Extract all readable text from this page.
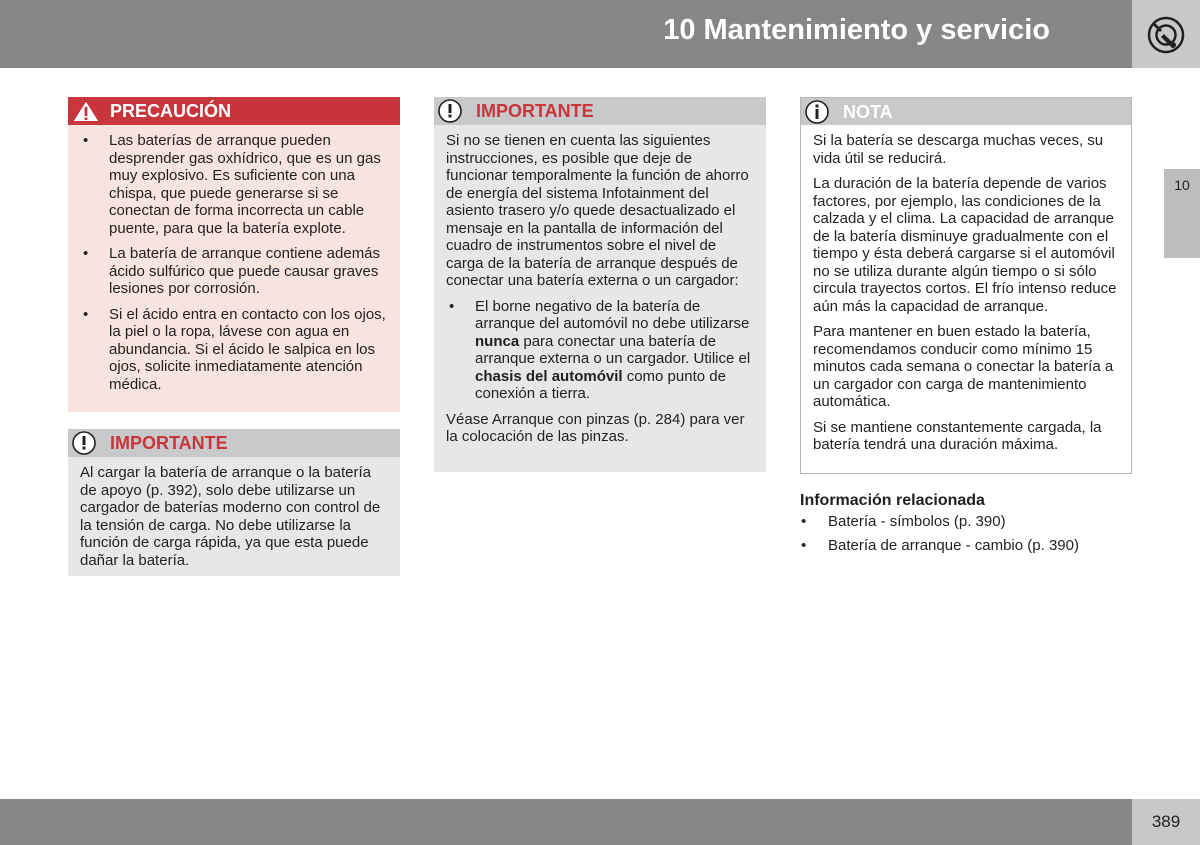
10 Mantenimiento y servicio
10
PRECAUCIÓN
• Las baterías de arranque pueden desprender gas oxhídrico, que es un gas muy explosivo. Es suficiente con una chispa, que puede generarse si se conectan de forma incorrecta un cable puente, para que la batería explote.
• La batería de arranque contiene además ácido sulfúrico que puede causar graves lesiones por corrosión.
• Si el ácido entra en contacto con los ojos, la piel o la ropa, lávese con agua en abundancia. Si el ácido le salpica en los ojos, solicite inmediatamente atención médica.
IMPORTANTE

Al cargar la batería de arranque o la batería de apoyo (p. 392), solo debe utilizarse un cargador de baterías moderno con control de la tensión de carga. No debe utilizarse la función de carga rápida, ya que esta puede dañar la batería.

IMPORTANTE

Si no se tienen en cuenta las siguientes instrucciones, es posible que deje de funcionar temporalmente la función de ahorro de energía del sistema Infotainment del asiento trasero y/o quede desactualizado el mensaje en la pantalla de información del cuadro de instrumentos sobre el nivel de carga de la batería de arranque después de conectar una batería externa o un cargador:

• El borne negativo de la batería de arranque del automóvil no debe utilizarse nunca para conectar una batería de arranque externa o un cargador. Utilice el chasis del automóvil como punto de conexión a tierra.

Véase Arranque con pinzas (p. 284) para ver la colocación de las pinzas.

NOTA

Si la batería se descarga muchas veces, su vida útil se reducirá.

La duración de la batería depende de varios factores, por ejemplo, las condiciones de la calzada y el clima. La capacidad de arranque de la batería disminuye gradualmente con el tiempo y ésta deberá cargarse si el automóvil no se utiliza durante algún tiempo o si sólo circula trayectos cortos. El frío intenso reduce aún más la capacidad de arranque.

Para mantener en buen estado la batería, recomendamos conducir como mínimo 15 minutos cada semana o conectar la batería a un cargador con carga de mantenimiento automática.

Si se mantiene constantemente cargada, la batería tendrá una duración máxima.

Información relacionada
• Batería - símbolos (p. 390)
• Batería de arranque - cambio (p. 390)
389
